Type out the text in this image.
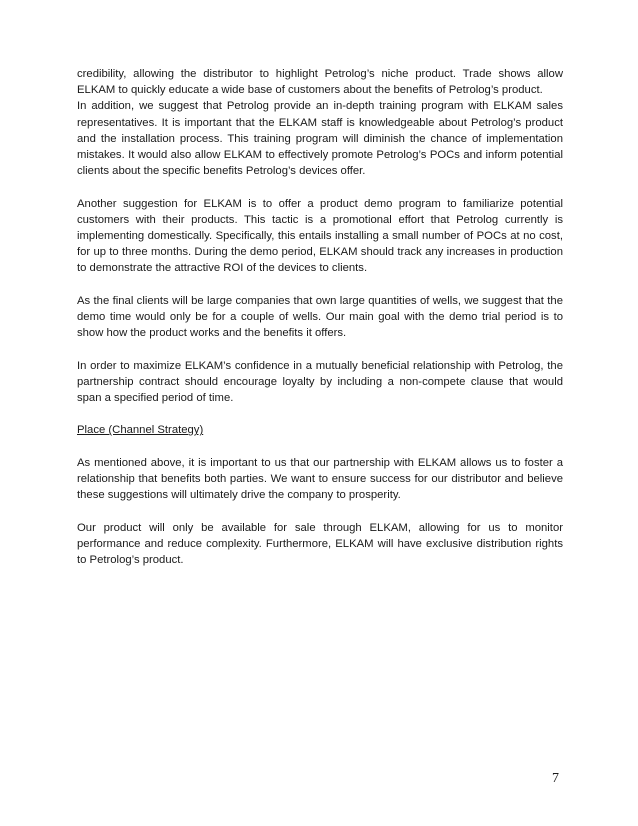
credibility, allowing the distributor to highlight Petrolog’s niche product. Trade shows allow ELKAM to quickly educate a wide base of customers about the benefits of Petrolog’s product.

In addition, we suggest that Petrolog provide an in-depth training program with ELKAM sales representatives. It is important that the ELKAM staff is knowledgeable about Petrolog’s product and the installation process. This training program will diminish the chance of implementation mistakes. It would also allow ELKAM to effectively promote Petrolog’s POCs and inform potential clients about the specific benefits Petrolog’s devices offer.

Another suggestion for ELKAM is to offer a product demo program to familiarize potential customers with their products. This tactic is a promotional effort that Petrolog currently is implementing domestically. Specifically, this entails installing a small number of POCs at no cost, for up to three months. During the demo period, ELKAM should track any increases in production to demonstrate the attractive ROI of the devices to clients.

As the final clients will be large companies that own large quantities of wells, we suggest that the demo time would only be for a couple of wells. Our main goal with the demo trial period is to show how the product works and the benefits it offers.

In order to maximize ELKAM’s confidence in a mutually beneficial relationship with Petrolog, the partnership contract should encourage loyalty by including a non-compete clause that would span a specified period of time.

Place (Channel Strategy)

As mentioned above, it is important to us that our partnership with ELKAM allows us to foster a relationship that benefits both parties. We want to ensure success for our distributor and believe these suggestions will ultimately drive the company to prosperity.

Our product will only be available for sale through ELKAM, allowing for us to monitor performance and reduce complexity. Furthermore, ELKAM will have exclusive distribution rights to Petrolog’s product.

7
